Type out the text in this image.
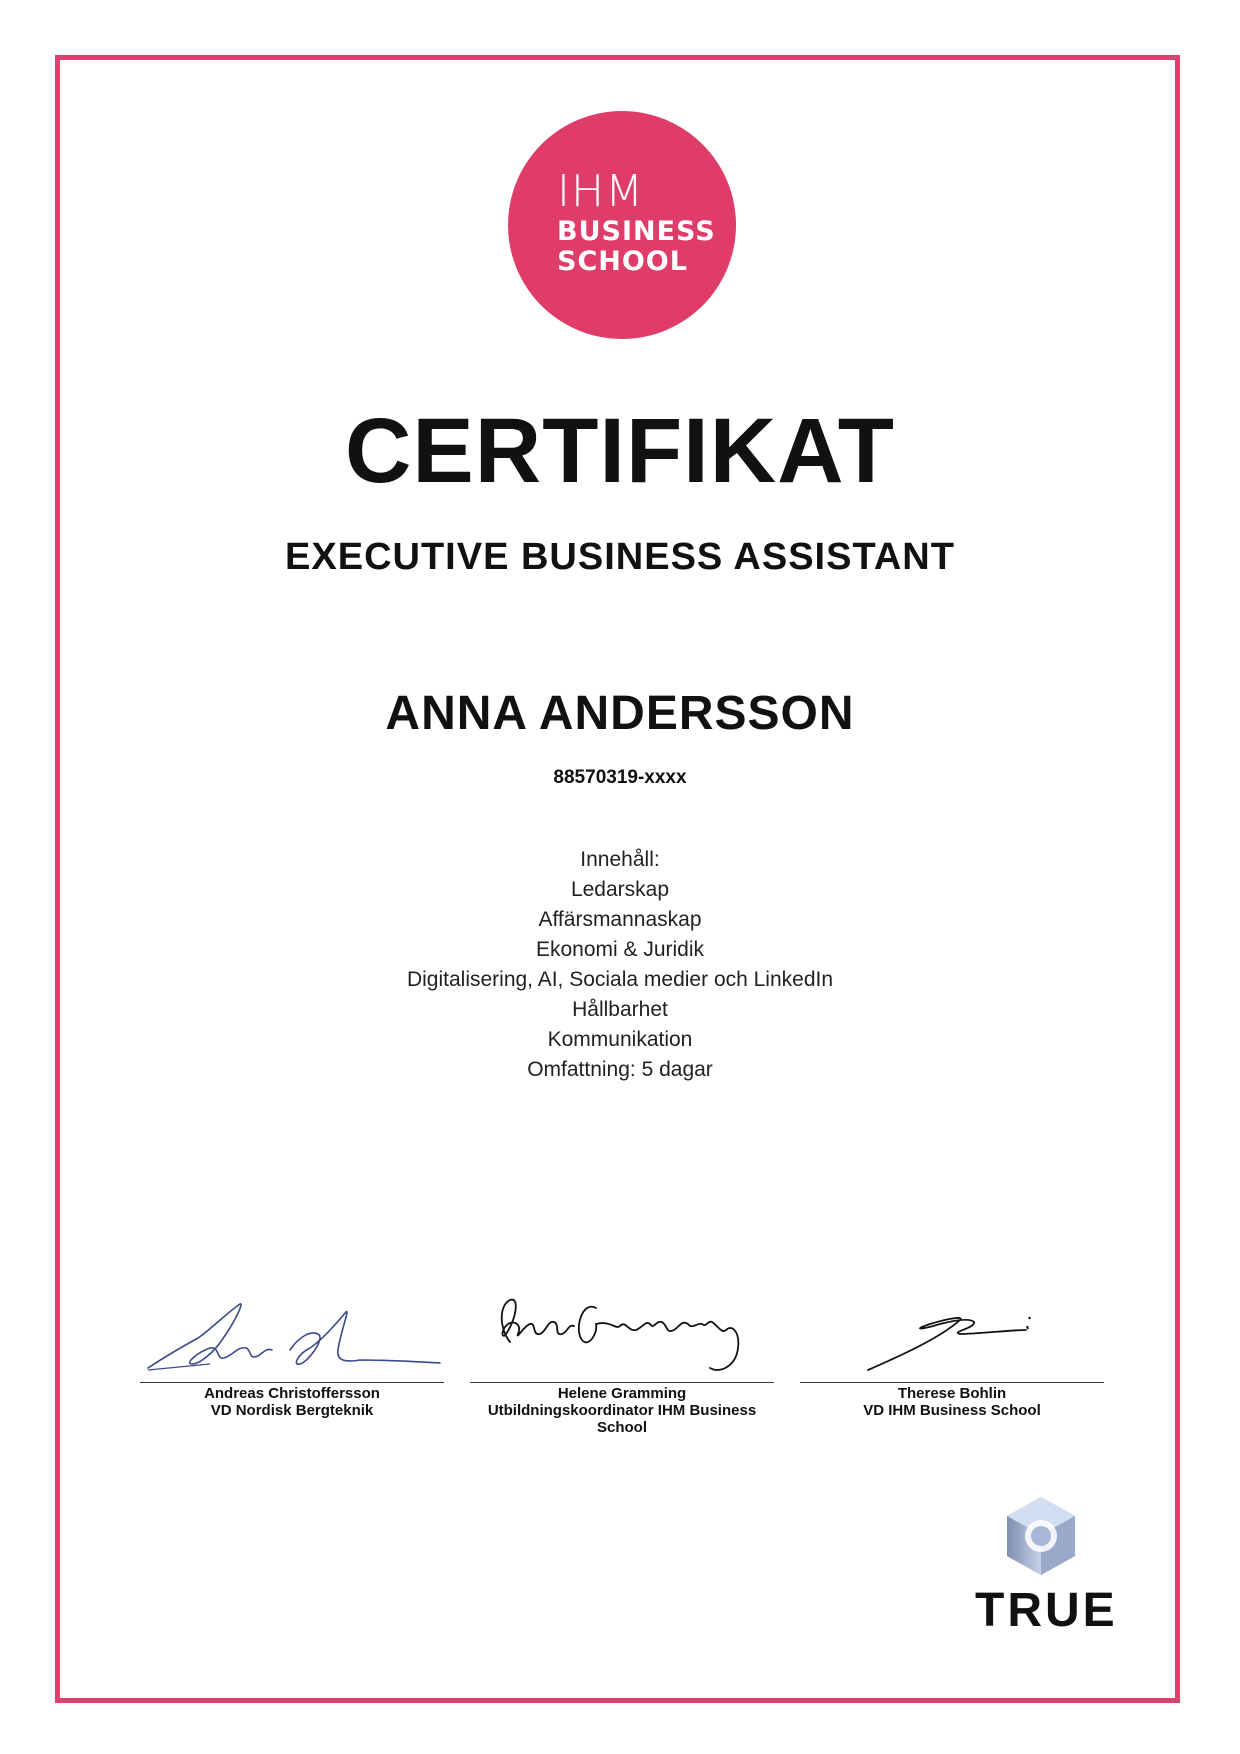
IHM
BUSINESS
SCHOOL
CERTIFIKAT
EXECUTIVE BUSINESS ASSISTANT
ANNA ANDERSSON
88570319-xxxx
Innehåll:
Ledarskap
Affärsmannaskap
Ekonomi & Juridik
Digitalisering, AI, Sociala medier och LinkedIn
Hållbarhet
Kommunikation
Omfattning: 5 dagar
Andreas Christoffersson
VD Nordisk Bergteknik
Helene Gramming
Utbildningskoordinator IHM Business School
Therese Bohlin
VD IHM Business School
TRUE
